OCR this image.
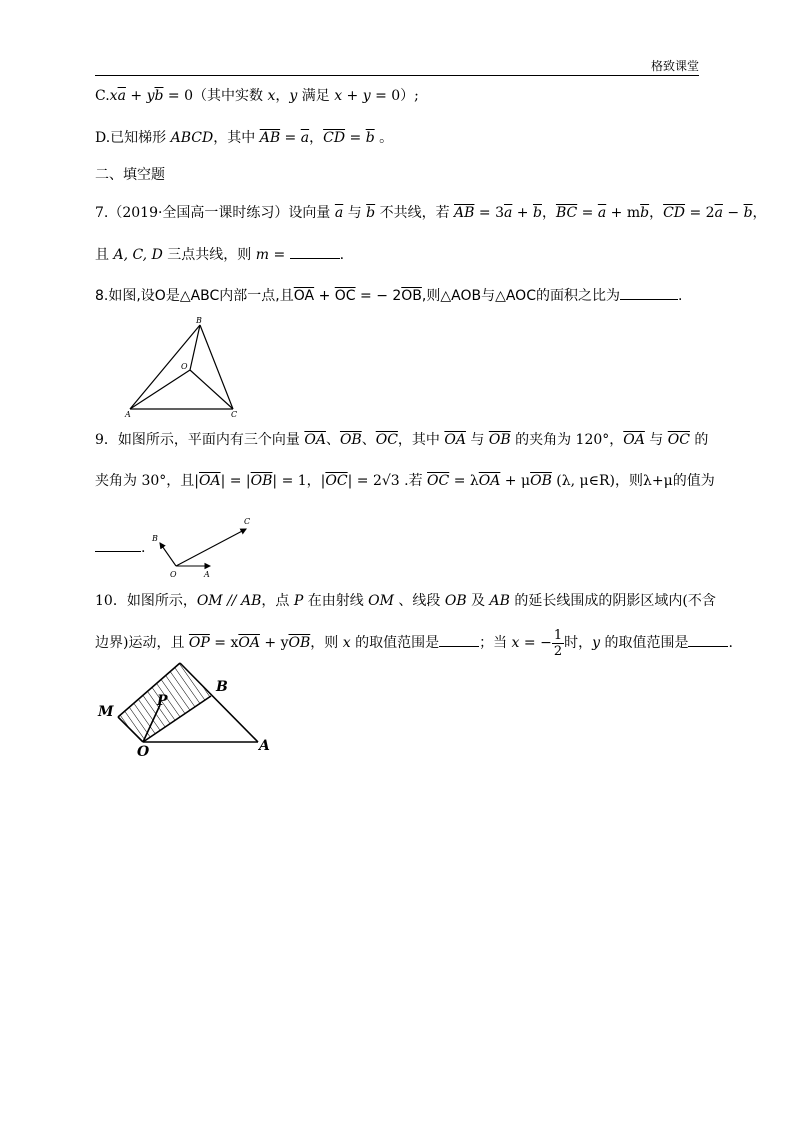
格致课堂
$C.x\overline{a} + y\overline{b} = 0$（其中实数 x，y 满足 x + y = 0）;
D.已知梯形 ABCD，其中 $\overline{AB} = \overline{a}$，$\overline{CD} = \overline{b}$ 。
二、填空题
7.（2019·全国高一课时练习）设向量 $\overline{a}$ 与 $\overline{b}$ 不共线，若 $\overline{AB} = 3\overline{a} + \overline{b}$，$\overline{BC} = \overline{a} + m\overline{b}$，$\overline{CD} = 2\overline{a} - \overline{b}$，
且 A, C, D 三点共线，则 m =	.
8.如图,设O是△ABC内部一点,且$\overline{OA} + \overline{OC}$ = − $2\overline{OB}$,则△AOB与△AOC的面积之比为	.
B
O
A	C
9．如图所示，平面内有三个向量 $\overline{OA}$、$\overline{OB}$、$\overline{OC}$，其中 $\overline{OA}$ 与 $\overline{OB}$ 的夹角为 120°，$\overline{OA}$ 与 $\overline{OC}$ 的
夹角为 30°，且$|\overline{OA}| = |\overline{OB}| = 1$，$|\overline{OC}| = 2√3$ .若 $\overline{OC} = \lambda\overline{OA} + \mu\overline{OB}$ (λ, μ∈R)，则λ+μ的值为
.
B
C
O	A
10．如图所示，OM // AB，点 P 在由射线 OM 、线段 OB 及 AB 的延长线围成的阴影区域内(不含
边界)运动，且 $\overline{OP} = x\overline{OA} + y\overline{OB}$，则 x 的取值范围是	；当 x = − $\frac{1}{2}$ 时，y 的取值范围是	.
M
P
B
O	A
